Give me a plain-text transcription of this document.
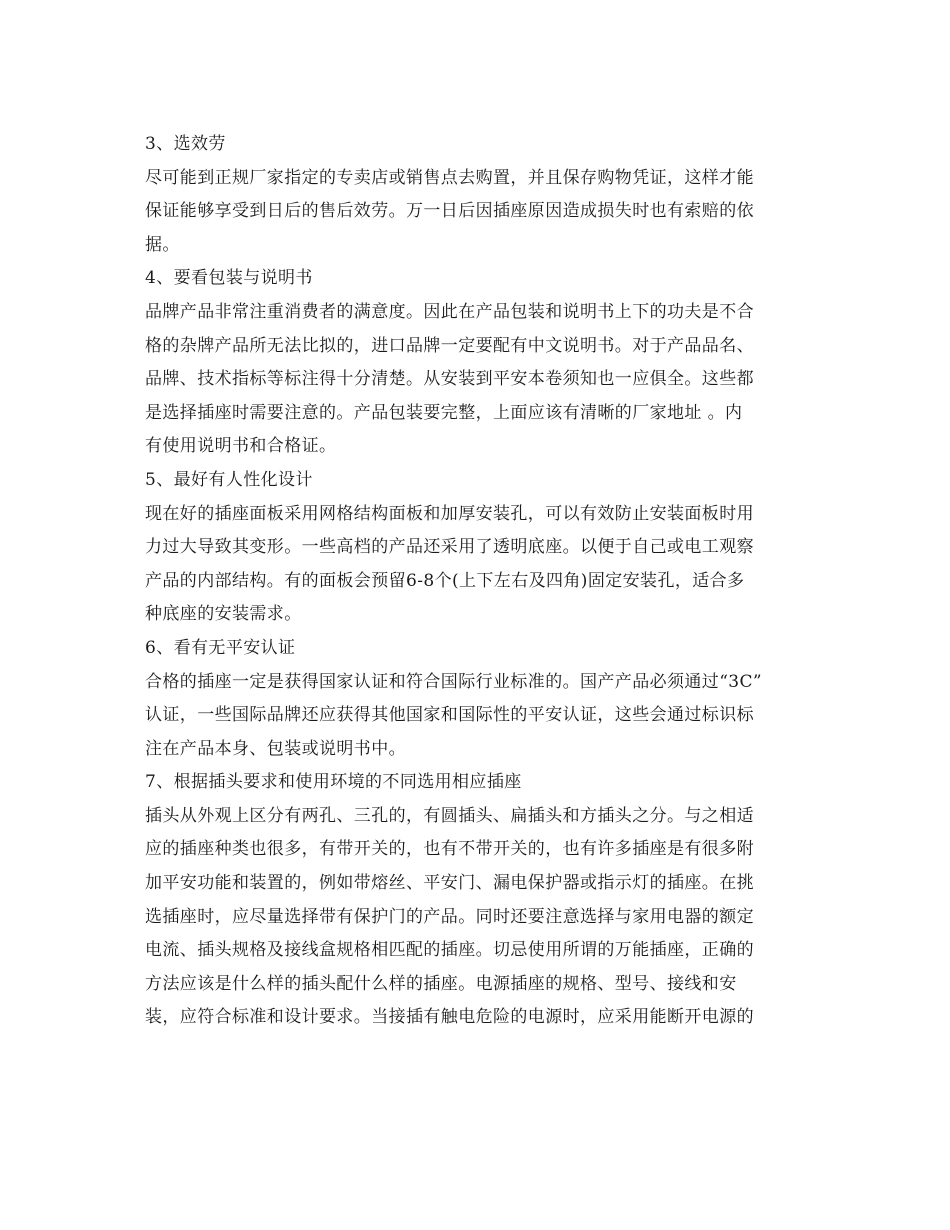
3、选效劳
尽可能到正规厂家指定的专卖店或销售点去购置，并且保存购物凭证，这样才能
保证能够享受到日后的售后效劳。万一日后因插座原因造成损失时也有索赔的依
据。
4、要看包装与说明书
品牌产品非常注重消费者的满意度。因此在产品包装和说明书上下的功夫是不合
格的杂牌产品所无法比拟的，进口品牌一定要配有中文说明书。对于产品品名、
品牌、技术指标等标注得十分清楚。从安装到平安本卷须知也一应俱全。这些都
是选择插座时需要注意的。产品包装要完整，上面应该有清晰的厂家地址 。内
有使用说明书和合格证。
5、最好有人性化设计
现在好的插座面板采用网格结构面板和加厚安装孔，可以有效防止安装面板时用
力过大导致其变形。一些高档的产品还采用了透明底座。以便于自己或电工观察
产品的内部结构。有的面板会预留6-8个(上下左右及四角)固定安装孔，适合多
种底座的安装需求。
6、看有无平安认证
合格的插座一定是获得国家认证和符合国际行业标准的。国产产品必须通过“3C”
认证，一些国际品牌还应获得其他国家和国际性的平安认证，这些会通过标识标
注在产品本身、包装或说明书中。
7、根据插头要求和使用环境的不同选用相应插座
插头从外观上区分有两孔、三孔的，有圆插头、扁插头和方插头之分。与之相适
应的插座种类也很多，有带开关的，也有不带开关的，也有许多插座是有很多附
加平安功能和装置的，例如带熔丝、平安门、漏电保护器或指示灯的插座。在挑
选插座时，应尽量选择带有保护门的产品。同时还要注意选择与家用电器的额定
电流、插头规格及接线盒规格相匹配的插座。切忌使用所谓的万能插座，正确的
方法应该是什么样的插头配什么样的插座。电源插座的规格、型号、接线和安
装，应符合标准和设计要求。当接插有触电危险的电源时，应采用能断开电源的
